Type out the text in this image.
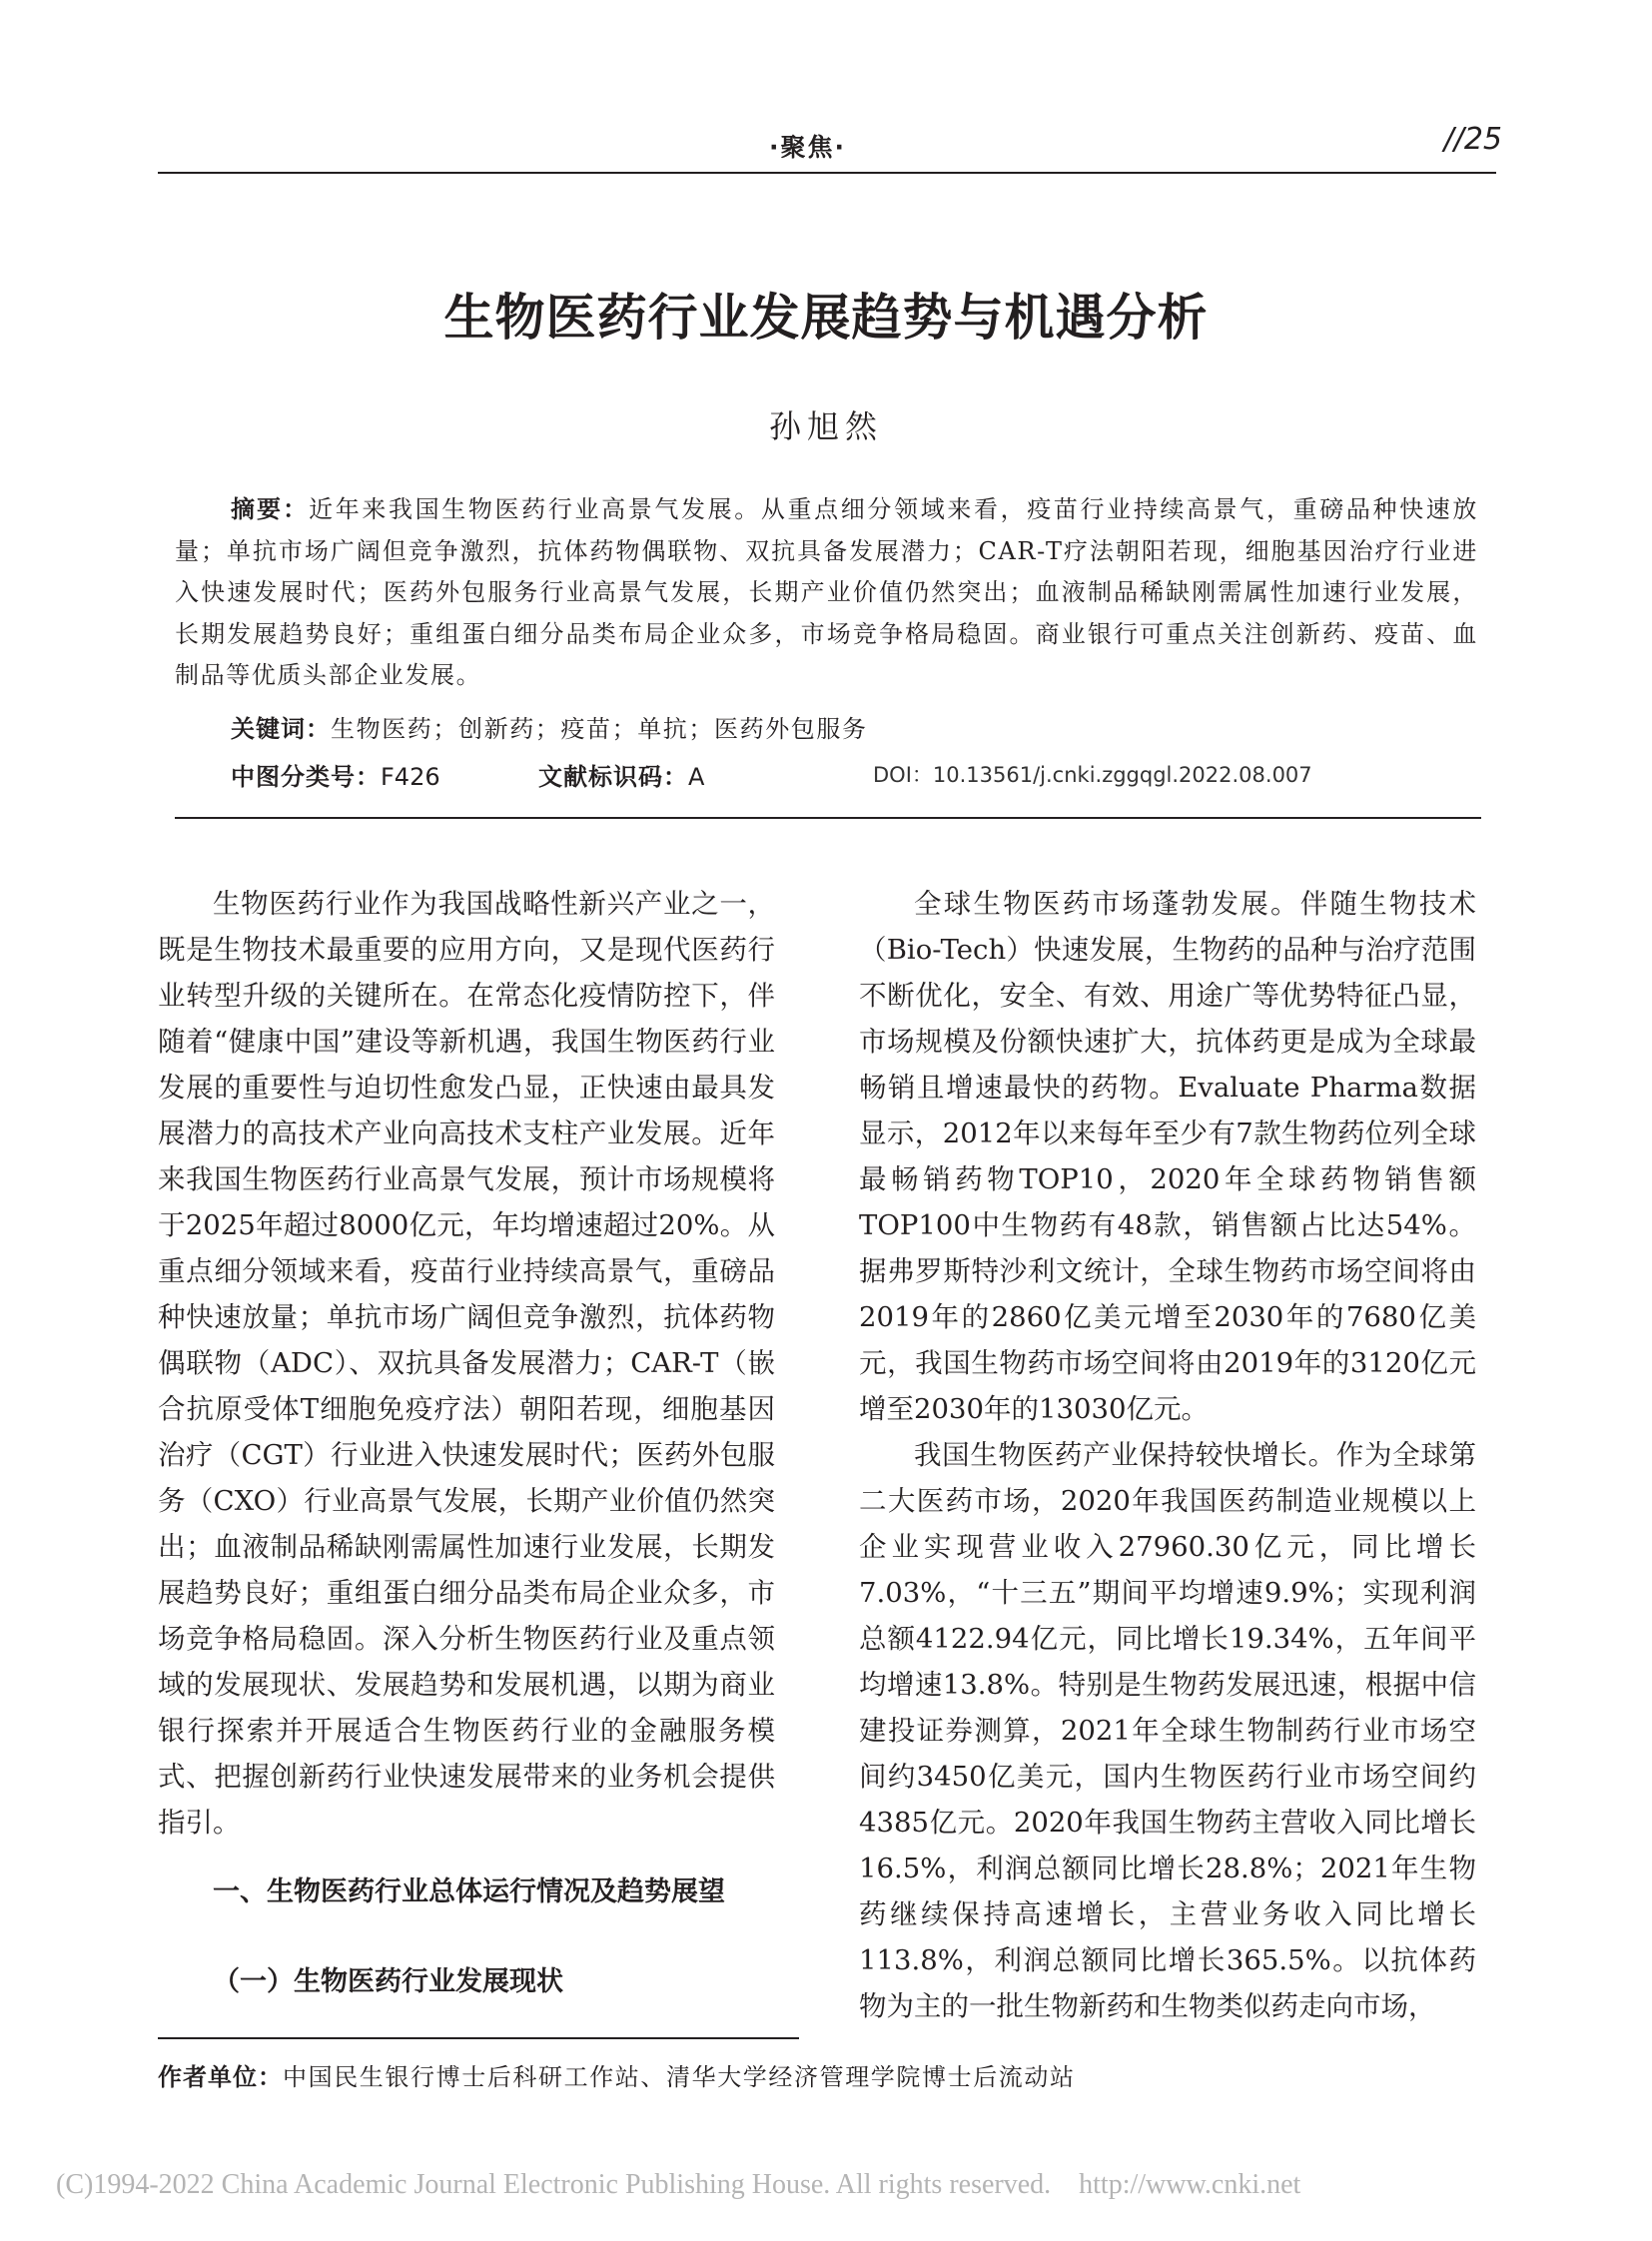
·聚焦·	//25
生物医药行业发展趋势与机遇分析
孙旭然

摘要：近年来我国生物医药行业高景气发展。从重点细分领域来看，疫苗行业持续高景气，重磅品种快速放量；单抗市场广阔但竞争激烈，抗体药物偶联物、双抗具备发展潜力；CAR-T疗法朝阳若现，细胞基因治疗行业进入快速发展时代；医药外包服务行业高景气发展，长期产业价值仍然突出；血液制品稀缺刚需属性加速行业发展，长期发展趋势良好；重组蛋白细分品类布局企业众多，市场竞争格局稳固。商业银行可重点关注创新药、疫苗、血制品等优质头部企业发展。

关键词：生物医药；创新药；疫苗；单抗；医药外包服务
中图分类号：F426	文献标识码：A	DOI：10.13561/j.cnki.zggqgl.2022.08.007

生物医药行业作为我国战略性新兴产业之一，既是生物技术最重要的应用方向，又是现代医药行业转型升级的关键所在。在常态化疫情防控下，伴随着“健康中国”建设等新机遇，我国生物医药行业发展的重要性与迫切性愈发凸显，正快速由最具发展潜力的高技术产业向高技术支柱产业发展。近年来我国生物医药行业高景气发展，预计市场规模将于2025年超过8000亿元，年均增速超过20%。从重点细分领域来看，疫苗行业持续高景气，重磅品种快速放量；单抗市场广阔但竞争激烈，抗体药物偶联物（ADC）、双抗具备发展潜力；CAR-T（嵌合抗原受体T细胞免疫疗法）朝阳若现，细胞基因治疗（CGT）行业进入快速发展时代；医药外包服务（CXO）行业高景气发展，长期产业价值仍然突出；血液制品稀缺刚需属性加速行业发展，长期发展趋势良好；重组蛋白细分品类布局企业众多，市场竞争格局稳固。深入分析生物医药行业及重点领域的发展现状、发展趋势和发展机遇，以期为商业银行探索并开展适合生物医药行业的金融服务模式、把握创新药行业快速发展带来的业务机会提供指引。

一、生物医药行业总体运行情况及趋势展望
（一）生物医药行业发展现状

全球生物医药市场蓬勃发展。伴随生物技术（Bio-Tech）快速发展，生物药的品种与治疗范围不断优化，安全、有效、用途广等优势特征凸显，市场规模及份额快速扩大，抗体药更是成为全球最畅销且增速最快的药物。Evaluate Pharma数据显示，2012年以来每年至少有7款生物药位列全球最畅销药物TOP10，2020年全球药物销售额TOP100中生物药有48款，销售额占比达54%。据弗罗斯特沙利文统计，全球生物药市场空间将由2019年的2860亿美元增至2030年的7680亿美元，我国生物药市场空间将由2019年的3120亿元增至2030年的13030亿元。

我国生物医药产业保持较快增长。作为全球第二大医药市场，2020年我国医药制造业规模以上企业实现营业收入27960.30亿元，同比增长7.03%，“十三五”期间平均增速9.9%；实现利润总额4122.94亿元，同比增长19.34%，五年间平均增速13.8%。特别是生物药发展迅速，根据中信建投证券测算，2021年全球生物制药行业市场空间约3450亿美元，国内生物医药行业市场空间约4385亿元。2020年我国生物药主营收入同比增长16.5%，利润总额同比增长28.8%；2021年生物药继续保持高速增长，主营业务收入同比增长113.8%，利润总额同比增长365.5%。以抗体药物为主的一批生物新药和生物类似药走向市场，

作者单位：中国民生银行博士后科研工作站、清华大学经济管理学院博士后流动站
(C)1994-2022 China Academic Journal Electronic Publishing House. All rights reserved. http://www.cnki.net
